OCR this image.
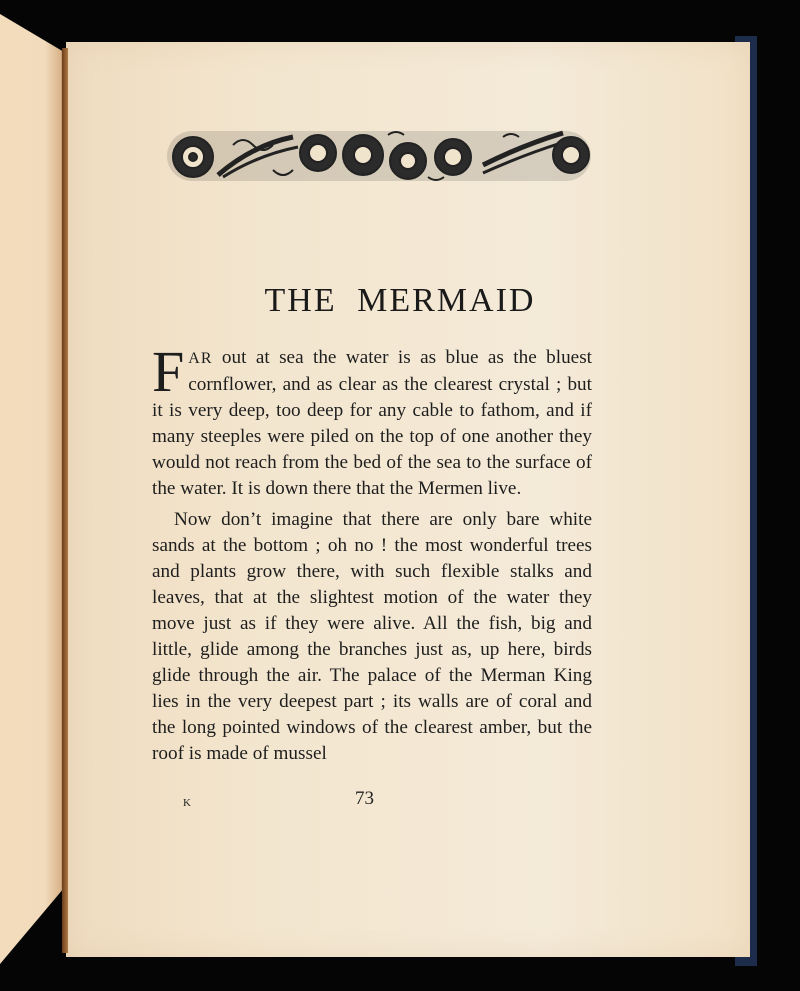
THE MERMAID

FAR out at sea the water is as blue as the bluest cornflower, and as clear as the clearest crystal ; but it is very deep, too deep for any cable to fathom, and if many steeples were piled on the top of one another they would not reach from the bed of the sea to the surface of the water. It is down there that the Mermen live.

Now don’t imagine that there are only bare white sands at the bottom ; oh no ! the most wonderful trees and plants grow there, with such flexible stalks and leaves, that at the slightest motion of the water they move just as if they were alive. All the fish, big and little, glide among the branches just as, up here, birds glide through the air. The palace of the Merman King lies in the very deepest part ; its walls are of coral and the long pointed windows of the clearest amber, but the roof is made of mussel

K	73
